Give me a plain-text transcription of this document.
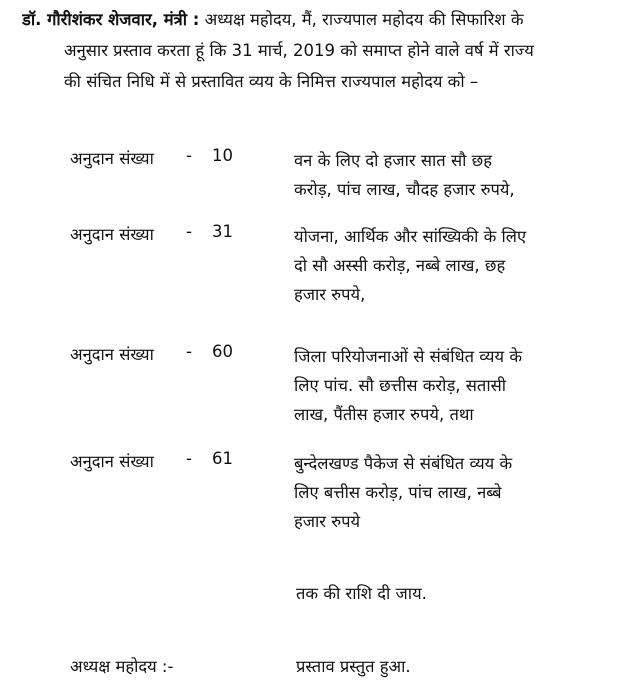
डॉ. गौरीशंकर शेजवार, मंत्री : अध्यक्ष महोदय, मैं, राज्यपाल महोदय की सिफारिश के
अनुसार प्रस्ताव करता हूं कि 31 मार्च, 2019 को समाप्त होने वाले वर्ष में राज्य
की संचित निधि में से प्रस्तावित व्यय के निमित्त राज्यपाल महोदय को –
अनुदान संख्या - 10	वन के लिए दो हजार सात सौ छह
करोड़, पांच लाख, चौदह हजार रुपये,
अनुदान संख्या - 31	योजना, आर्थिक और सांख्यिकी के लिए
दो सौ अस्सी करोड़, नब्बे लाख, छह
हजार रुपये,
अनुदान संख्या - 60	जिला परियोजनाओं से संबंधित व्यय के
लिए पांच. सौ छत्तीस करोड़, सतासी
लाख, पैंतीस हजार रुपये, तथा
अनुदान संख्या - 61	बुन्देलखण्ड पैकेज से संबंधित व्यय के
लिए बत्तीस करोड़, पांच लाख, नब्बे
हजार रुपये
तक की राशि दी जाय.
अध्यक्ष महोदय :-	प्रस्ताव प्रस्तुत हुआ.
